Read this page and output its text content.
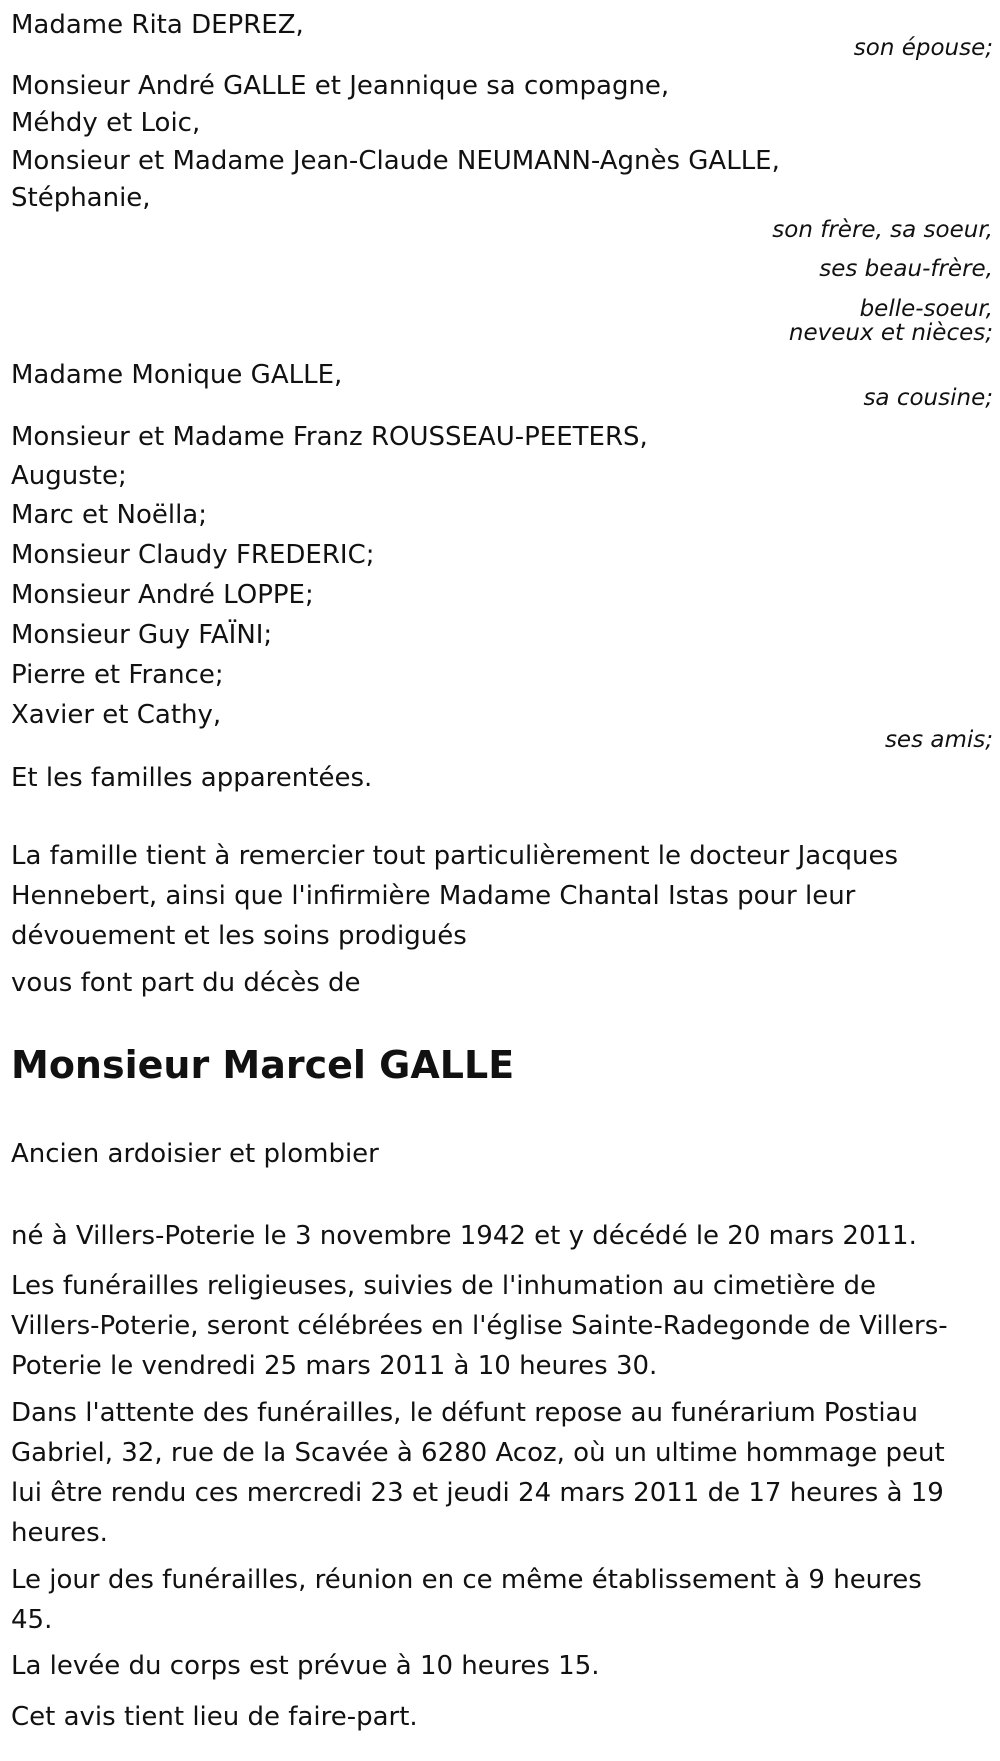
Madame Rita DEPREZ,
son épouse;
Monsieur André GALLE et Jeannique sa compagne,
Méhdy et Loic,
Monsieur et Madame Jean-Claude NEUMANN-Agnès GALLE,
Stéphanie,
son frère, sa soeur,
ses beau-frère,
belle-soeur,
neveux et nièces;
Madame Monique GALLE,
sa cousine;
Monsieur et Madame Franz ROUSSEAU-PEETERS,
Auguste;
Marc et Noëlla;
Monsieur Claudy FREDERIC;
Monsieur André LOPPE;
Monsieur Guy FAÏNI;
Pierre et France;
Xavier et Cathy,
ses amis;
Et les familles apparentées.
La famille tient à remercier tout particulièrement le docteur Jacques Hennebert, ainsi que l'infirmière Madame Chantal Istas pour leur dévouement et les soins prodigués
vous font part du décès de
Monsieur Marcel GALLE
Ancien ardoisier et plombier
né à Villers-Poterie le 3 novembre 1942 et y décédé le 20 mars 2011.
Les funérailles religieuses, suivies de l'inhumation au cimetière de Villers-Poterie, seront célébrées en l'église Sainte-Radegonde de Villers-Poterie le vendredi 25 mars 2011 à 10 heures 30.
Dans l'attente des funérailles, le défunt repose au funérarium Postiau Gabriel, 32, rue de la Scavée à 6280 Acoz, où un ultime hommage peut lui être rendu ces mercredi 23 et jeudi 24 mars 2011 de 17 heures à 19 heures.
Le jour des funérailles, réunion en ce même établissement à 9 heures 45.
La levée du corps est prévue à 10 heures 15.
Cet avis tient lieu de faire-part.
